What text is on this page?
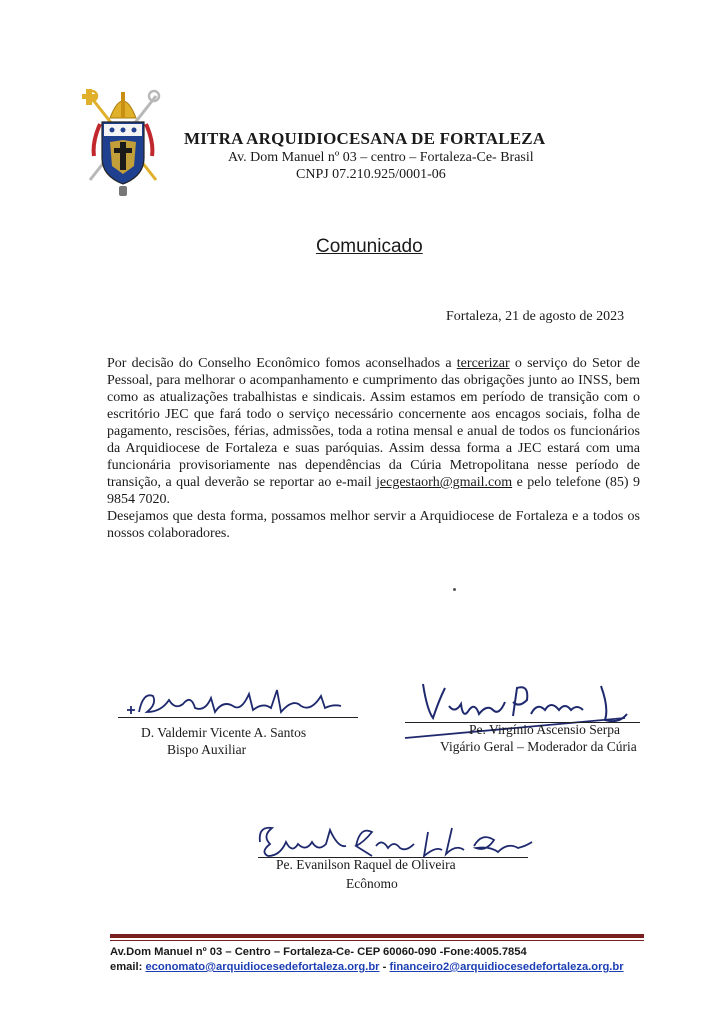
MITRA ARQUIDIOCESANA DE FORTALEZA
Av. Dom Manuel nº 03 – centro – Fortaleza-Ce- Brasil
CNPJ 07.210.925/0001-06
Comunicado
Fortaleza, 21 de agosto de 2023

Por decisão do Conselho Econômico fomos aconselhados a tercerizar o serviço do Setor de Pessoal, para melhorar o acompanhamento e cumprimento das obrigações junto ao INSS, bem como as atualizações trabalhistas e sindicais. Assim estamos em período de transição com o escritório JEC que fará todo o serviço necessário concernente aos encagos sociais, folha de pagamento, rescisões, férias, admissões, toda a rotina mensal e anual de todos os funcionários da Arquidiocese de Fortaleza e suas paróquias. Assim dessa forma a JEC estará com uma funcionária provisoriamente nas dependências da Cúria Metropolitana nesse período de transição, a qual deverão se reportar ao e-mail jecgestaorh@gmail.com e pelo telefone (85) 9 9854 7020.

Desejamos que desta forma, possamos melhor servir a Arquidiocese de Fortaleza e a todos os nossos colaboradores.

D. Valdemir Vicente A. Santos
Bispo Auxiliar
Pe. Virgínio Ascensio Serpa
Vigário Geral – Moderador da Cúria
Pe. Evanilson Raquel de Oliveira
Ecônomo
Av.Dom Manuel nº 03 – Centro – Fortaleza-Ce- CEP 60060-090 -Fone:4005.7854
email: economato@arquidiocesedefortaleza.org.br - financeiro2@arquidiocesedefortaleza.org.br
